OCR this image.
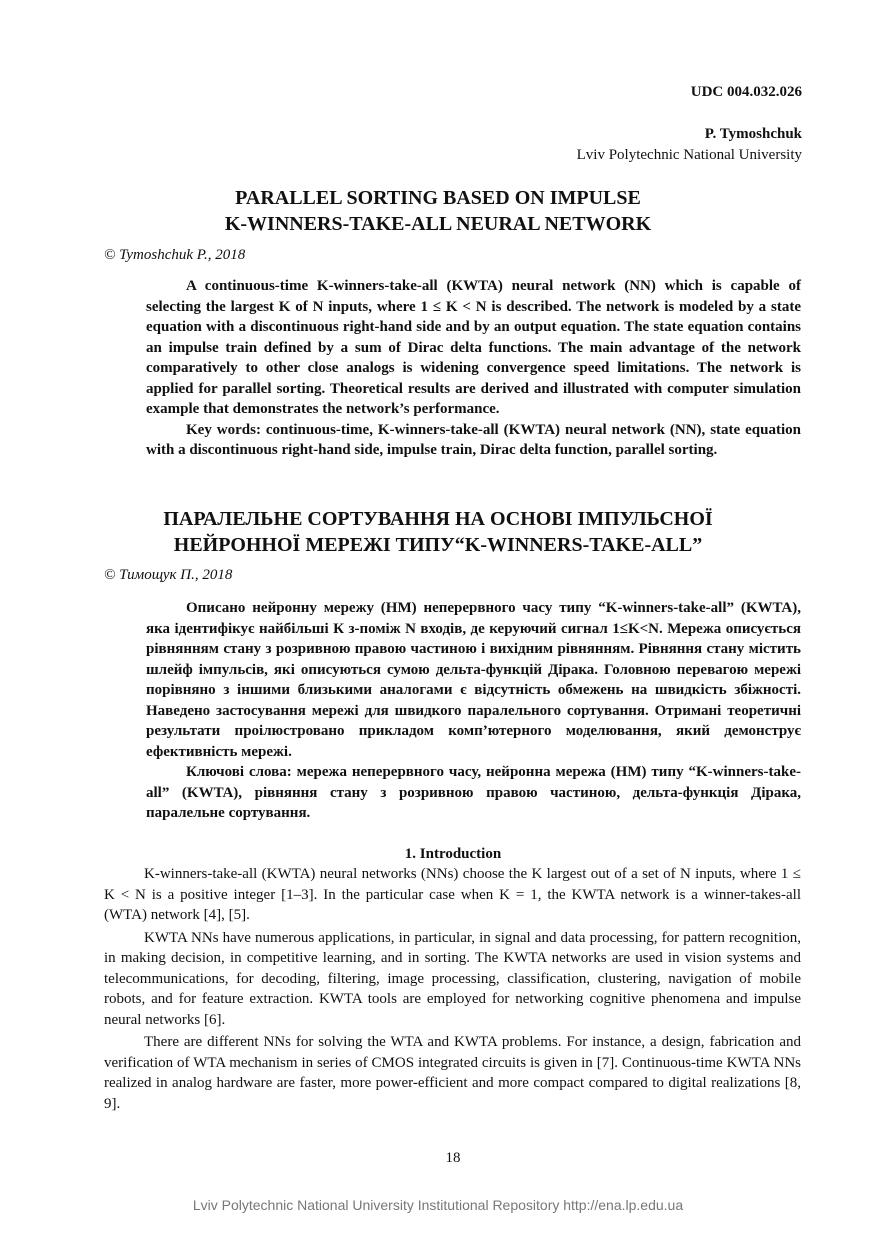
UDC 004.032.026
P. Tymoshchuk
Lviv Polytechnic National University
PARALLEL SORTING BASED ON IMPULSE
K-WINNERS-TAKE-ALL NEURAL NETWORK
© Tymoshchuk P., 2018

A continuous-time K-winners-take-all (KWTA) neural network (NN) which is capable of selecting the largest K of N inputs, where 1 ≤ K < N is described. The network is modeled by a state equation with a discontinuous right-hand side and by an output equation. The state equation contains an impulse train defined by a sum of Dirac delta functions. The main advantage of the network comparatively to other close analogs is widening convergence speed limitations. The network is applied for parallel sorting. Theoretical results are derived and illustrated with computer simulation example that demonstrates the network’s performance.

Key words: continuous-time, K-winners-take-all (KWTA) neural network (NN), state equation with a discontinuous right-hand side, impulse train, Dirac delta function, parallel sorting.

ПАРАЛЕЛЬНЕ СОРТУВАННЯ НА ОСНОВІ ІМПУЛЬСНОЇ
НЕЙРОННОЇ МЕРЕЖІ ТИПУ“K-WINNERS-TAKE-ALL”
© Тимощук П., 2018

Описано нейронну мережу (НМ) неперервного часу типу “K-winners-take-all” (KWTA), яка ідентифікує найбільші К з-поміж N входів, де керуючий сигнал 1≤K<N. Мережа описується рівнянням стану з розривною правою частиною і вихідним рівнянням. Рівняння стану містить шлейф імпульсів, які описуються сумою дельта-функцій Дірака. Головною перевагою мережі порівняно з іншими близькими аналогами є відсутність обмежень на швидкість збіжності. Наведено застосування мережі для швидкого паралельного сортування. Отримані теоретичні результати проілюстровано прикладом комп’ютерного моделювання, який демонструє ефективність мережі.

Ключові слова: мережа неперервного часу, нейронна мережа (НМ) типу “K-winners-take-all” (KWTA), рівняння стану з розривною правою частиною, дельта-функція Дірака, паралельне сортування.

1. Introduction

K-winners-take-all (KWTA) neural networks (NNs) choose the K largest out of a set of N inputs, where 1 ≤ K < N is a positive integer [1–3]. In the particular case when K = 1, the KWTA network is a winner-takes-all (WTA) network [4], [5].

KWTA NNs have numerous applications, in particular, in signal and data processing, for pattern recognition, in making decision, in competitive learning, and in sorting. The KWTA networks are used in vision systems and telecommunications, for decoding, filtering, image processing, classification, clustering, navigation of mobile robots, and for feature extraction. KWTA tools are employed for networking cognitive phenomena and impulse neural networks [6].

There are different NNs for solving the WTA and KWTA problems. For instance, a design, fabrication and verification of WTA mechanism in series of CMOS integrated circuits is given in [7]. Continuous-time KWTA NNs realized in analog hardware are faster, more power-efficient and more compact compared to digital realizations [8, 9].

18
Lviv Polytechnic National University Institutional Repository http://ena.lp.edu.ua
